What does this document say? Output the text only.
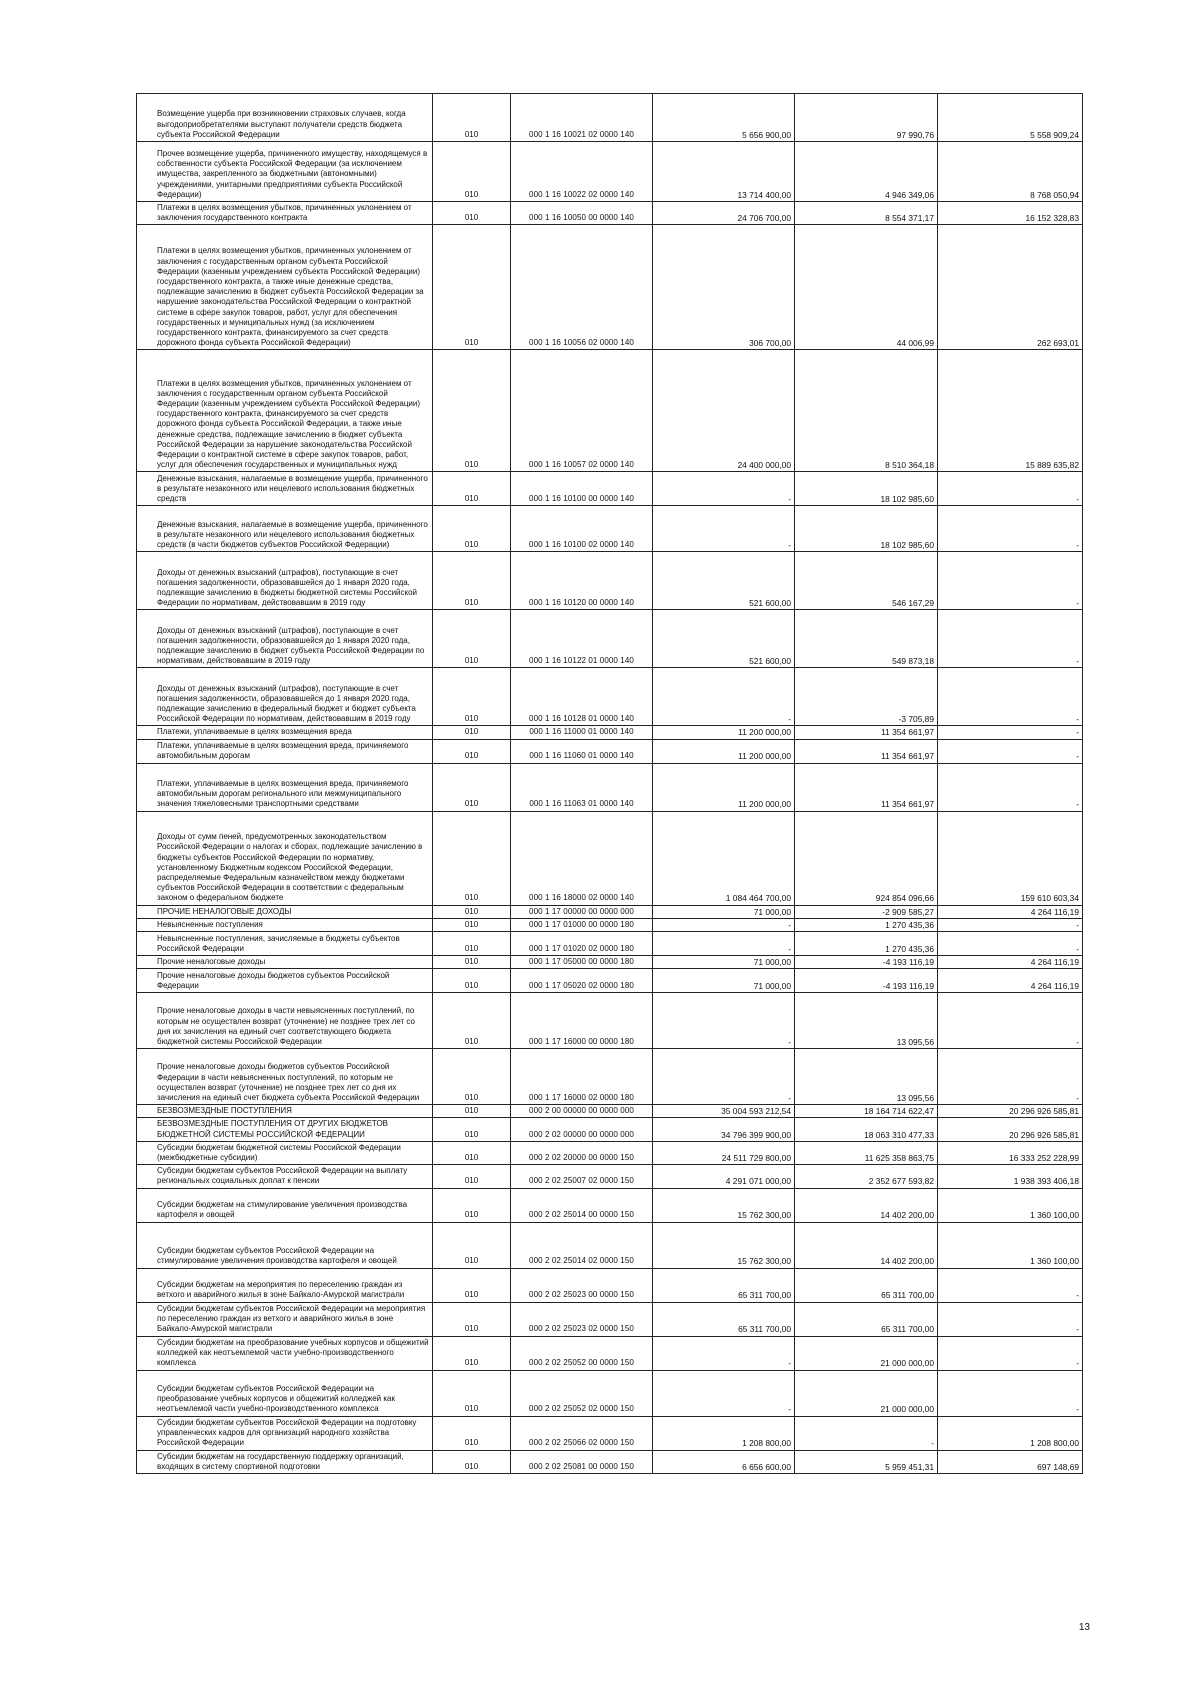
Возмещение ущерба при возникновении страховых случаев, когда выгодоприобретателями выступают получатели средств бюджета субъекта Российской Федерации	010	000 1 16 10021 02 0000 140	5 656 900,00	97 990,76	5 558 909,24
Прочее возмещение ущерба, причиненного имуществу, находящемуся в собственности субъекта Российской Федерации (за исключением имущества, закрепленного за бюджетными (автономными) учреждениями, унитарными предприятиями субъекта Российской Федерации)	010	000 1 16 10022 02 0000 140	13 714 400,00	4 946 349,06	8 768 050,94
Платежи в целях возмещения убытков, причиненных уклонением от заключения государственного контракта	010	000 1 16 10050 00 0000 140	24 706 700,00	8 554 371,17	16 152 328,83
Платежи в целях возмещения убытков, причиненных уклонением от заключения с государственным органом субъекта Российской Федерации (казенным учреждением субъекта Российской Федерации) государственного контракта, а также иные денежные средства, подлежащие зачислению в бюджет субъекта Российской Федерации за нарушение законодательства Российской Федерации о контрактной системе в сфере закупок товаров, работ, услуг для обеспечения государственных и муниципальных нужд (за исключением государственного контракта, финансируемого за счет средств дорожного фонда субъекта Российской Федерации)	010	000 1 16 10056 02 0000 140	306 700,00	44 006,99	262 693,01
Платежи в целях возмещения убытков, причиненных уклонением от заключения с государственным органом субъекта Российской Федерации (казенным учреждением субъекта Российской Федерации) государственного контракта, финансируемого за счет средств дорожного фонда субъекта Российской Федерации, а также иные денежные средства, подлежащие зачислению в бюджет субъекта Российской Федерации за нарушение законодательства Российской Федерации о контрактной системе в сфере закупок товаров, работ, услуг для обеспечения государственных и муниципальных нужд	010	000 1 16 10057 02 0000 140	24 400 000,00	8 510 364,18	15 889 635,82
Денежные взыскания, налагаемые в возмещение ущерба, причиненного в результате незаконного или нецелевого использования бюджетных средств	010	000 1 16 10100 00 0000 140	-	18 102 985,60	-
Денежные взыскания, налагаемые в возмещение ущерба, причиненного в результате незаконного или нецелевого использования бюджетных средств (в части бюджетов субъектов Российской Федерации)	010	000 1 16 10100 02 0000 140	-	18 102 985,60	-
Доходы от денежных взысканий (штрафов), поступающие в счет погашения задолженности, образовавшейся до 1 января 2020 года, подлежащие зачислению в бюджеты бюджетной системы Российской Федерации по нормативам, действовавшим в 2019 году	010	000 1 16 10120 00 0000 140	521 600,00	546 167,29	-
Доходы от денежных взысканий (штрафов), поступающие в счет погашения задолженности, образовавшейся до 1 января 2020 года, подлежащие зачислению в бюджет субъекта Российской Федерации по нормативам, действовавшим в 2019 году	010	000 1 16 10122 01 0000 140	521 600,00	549 873,18	-
Доходы от денежных взысканий (штрафов), поступающие в счет погашения задолженности, образовавшейся до 1 января 2020 года, подлежащие зачислению в федеральный бюджет и бюджет субъекта Российской Федерации по нормативам, действовавшим в 2019 году	010	000 1 16 10128 01 0000 140	-	-3 705,89	-
Платежи, уплачиваемые в целях возмещения вреда	010	000 1 16 11000 01 0000 140	11 200 000,00	11 354 661,97	-
Платежи, уплачиваемые в целях возмещения вреда, причиняемого автомобильным дорогам	010	000 1 16 11060 01 0000 140	11 200 000,00	11 354 661,97	-
Платежи, уплачиваемые в целях возмещения вреда, причиняемого автомобильным дорогам регионального или межмуниципального значения тяжеловесными транспортными средствами	010	000 1 16 11063 01 0000 140	11 200 000,00	11 354 661,97	-
Доходы от сумм пеней, предусмотренных законодательством Российской Федерации о налогах и сборах, подлежащие зачислению в бюджеты субъектов Российской Федерации по нормативу, установленному Бюджетным кодексом Российской Федерации, распределяемые Федеральным казначейством между бюджетами субъектов Российской Федерации в соответствии с федеральным законом о федеральном бюджете	010	000 1 16 18000 02 0000 140	1 084 464 700,00	924 854 096,66	159 610 603,34
ПРОЧИЕ НЕНАЛОГОВЫЕ ДОХОДЫ	010	000 1 17 00000 00 0000 000	71 000,00	-2 909 585,27	4 264 116,19
Невыясненные поступления	010	000 1 17 01000 00 0000 180	-	1 270 435,36	-
Невыясненные поступления, зачисляемые в бюджеты субъектов Российской Федерации	010	000 1 17 01020 02 0000 180	-	1 270 435,36	-
Прочие неналоговые доходы	010	000 1 17 05000 00 0000 180	71 000,00	-4 193 116,19	4 264 116,19
Прочие неналоговые доходы бюджетов субъектов Российской Федерации	010	000 1 17 05020 02 0000 180	71 000,00	-4 193 116,19	4 264 116,19
Прочие неналоговые доходы в части невыясненных поступлений, по которым не осуществлен возврат (уточнение) не позднее трех лет со дня их зачисления на единый счет соответствующего бюджета бюджетной системы Российской Федерации	010	000 1 17 16000 00 0000 180	-	13 095,56	-
Прочие неналоговые доходы бюджетов субъектов Российской Федерации в части невыясненных поступлений, по которым не осуществлен возврат (уточнение) не позднее трех лет со дня их зачисления на единый счет бюджета субъекта Российской Федерации	010	000 1 17 16000 02 0000 180	-	13 095,56	-
БЕЗВОЗМЕЗДНЫЕ ПОСТУПЛЕНИЯ	010	000 2 00 00000 00 0000 000	35 004 593 212,54	18 164 714 622,47	20 296 926 585,81
БЕЗВОЗМЕЗДНЫЕ ПОСТУПЛЕНИЯ ОТ ДРУГИХ БЮДЖЕТОВ БЮДЖЕТНОЙ СИСТЕМЫ РОССИЙСКОЙ ФЕДЕРАЦИИ	010	000 2 02 00000 00 0000 000	34 796 399 900,00	18 063 310 477,33	20 296 926 585,81
Субсидии бюджетам бюджетной системы Российской Федерации (межбюджетные субсидии)	010	000 2 02 20000 00 0000 150	24 511 729 800,00	11 625 358 863,75	16 333 252 228,99
Субсидии бюджетам субъектов Российской Федерации на выплату региональных социальных доплат к пенсии	010	000 2 02 25007 02 0000 150	4 291 071 000,00	2 352 677 593,82	1 938 393 406,18
Субсидии бюджетам на стимулирование увеличения производства картофеля и овощей	010	000 2 02 25014 00 0000 150	15 762 300,00	14 402 200,00	1 360 100,00
Субсидии бюджетам субъектов Российской Федерации на стимулирование увеличения производства картофеля и овощей	010	000 2 02 25014 02 0000 150	15 762 300,00	14 402 200,00	1 360 100,00
Субсидии бюджетам на мероприятия по переселению граждан из ветхого и аварийного жилья в зоне Байкало-Амурской магистрали	010	000 2 02 25023 00 0000 150	65 311 700,00	65 311 700,00	-
Субсидии бюджетам субъектов Российской Федерации на мероприятия по переселению граждан из ветхого и аварийного жилья в зоне Байкало-Амурской магистрали	010	000 2 02 25023 02 0000 150	65 311 700,00	65 311 700,00	-
Субсидии бюджетам на преобразование учебных корпусов и общежитий колледжей как неотъемлемой части учебно-производственного комплекса	010	000 2 02 25052 00 0000 150	-	21 000 000,00	-
Субсидии бюджетам субъектов Российской Федерации на преобразование учебных корпусов и общежитий колледжей как неотъемлемой части учебно-производственного комплекса	010	000 2 02 25052 02 0000 150	-	21 000 000,00	-
Субсидии бюджетам субъектов Российской Федерации на подготовку управленческих кадров для организаций народного хозяйства Российской Федерации	010	000 2 02 25066 02 0000 150	1 208 800,00	-	1 208 800,00
Субсидии бюджетам на государственную поддержку организаций, входящих в систему спортивной подготовки	010	000 2 02 25081 00 0000 150	6 656 600,00	5 959 451,31	697 148,69
13
